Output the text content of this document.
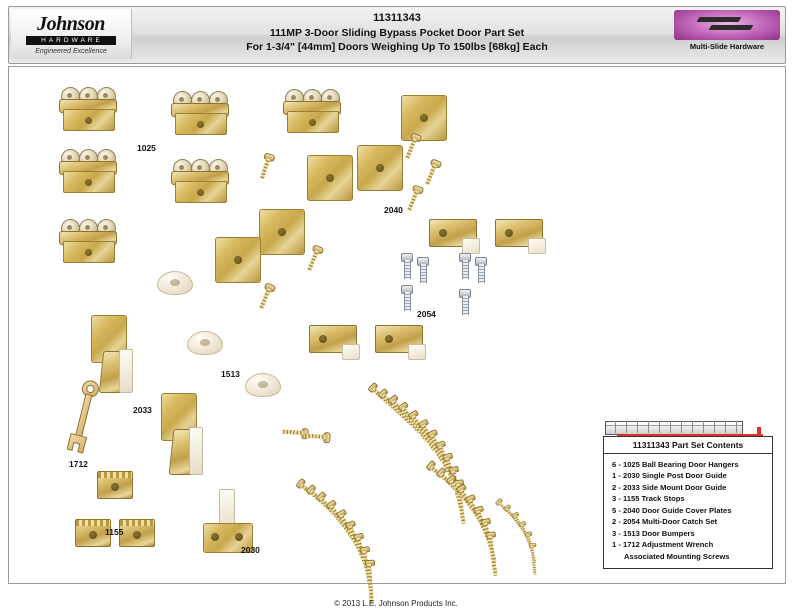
Johnson
HARDWARE
Engineered Excellence
11311343
111MP 3-Door Sliding Bypass Pocket Door Part Set
For 1-3/4" [44mm] Doors Weighing Up To 150lbs [68kg] Each	Multi-Slide Hardware
1025
2040
2054
1513
2033
1712
1155
2030
11311343 Part Set Contents
6 - 1025 Ball Bearing Door Hangers
1 - 2030 Single Post Door Guide
2 - 2033 Side Mount Door Guide
3 - 1155 Track Stops
5 - 2040 Door Guide Cover Plates
2 - 2054 Multi-Door Catch Set
3 - 1513 Door Bumpers
1 - 1712 Adjustment Wrench
Associated Mounting Screws
© 2013 L.E. Johnson Products Inc.
